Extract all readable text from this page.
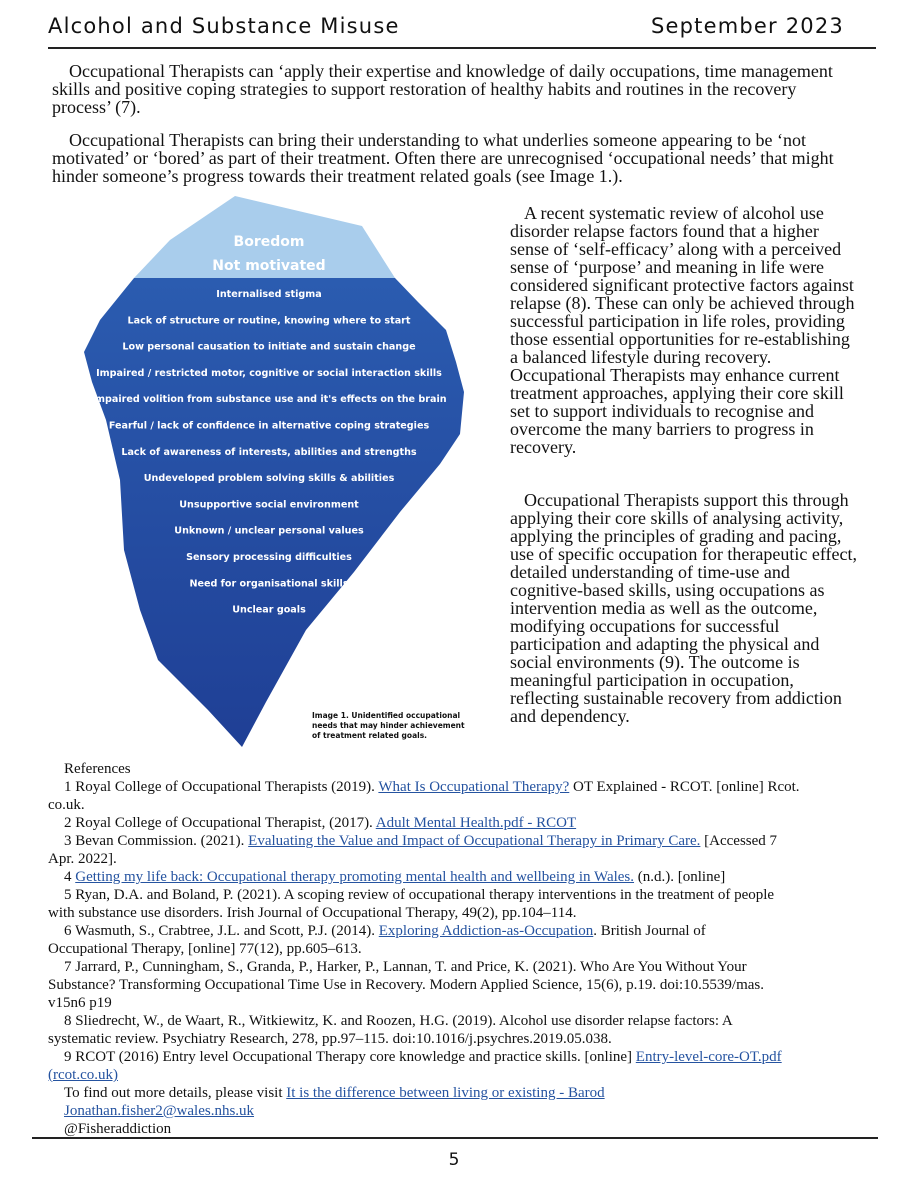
Alcohol and Substance Misuse	September 2023

Occupational Therapists can ‘apply their expertise and knowledge of daily occupations, time management skills and positive coping strategies to support restoration of healthy habits and routines in the recovery process’ (7).

Occupational Therapists can bring their understanding to what underlies someone appearing to be ‘not motivated’ or ‘bored’ as part of their treatment. Often there are unrecognised ‘occupational needs’ that might hinder someone’s progress towards their treatment related goals (see Image 1.).

Boredom
Not motivated
Internalised stigma
Lack of structure or routine, knowing where to start
Low personal causation to initiate and sustain change
Impaired / restricted motor, cognitive or social interaction skills
Impaired volition from substance use and it's effects on the brain
Fearful / lack of confidence in alternative coping strategies
Lack of awareness of interests, abilities and strengths
Undeveloped problem solving skills & abilities
Unsupportive social environment
Unknown / unclear personal values
Sensory processing difficulties
Need for organisational skills
Unclear goals
Image 1. Unidentified occupational
needs that may hinder achievement
of treatment related goals.

A recent systematic review of alcohol use disorder relapse factors found that a higher sense of ‘self-efficacy’ along with a perceived sense of ‘purpose’ and meaning in life were considered significant protective factors against relapse (8). These can only be achieved through successful participation in life roles, providing those essential opportunities for re-establishing a balanced lifestyle during recovery. Occupational Therapists may enhance current treatment approaches, applying their core skill set to support individuals to recognise and overcome the many barriers to progress in recovery.

Occupational Therapists support this through applying their core skills of analysing activity, applying the principles of grading and pacing, use of specific occupation for therapeutic effect, detailed understanding of time-use and cognitive-based skills, using occupations as intervention media as well as the outcome, modifying occupations for successful participation and adapting the physical and social environments (9). The outcome is meaningful participation in occupation, reflecting sustainable recovery from addiction and dependency.

References
1 Royal College of Occupational Therapists (2019). What Is Occupational Therapy? OT Explained - RCOT. [online] Rcot.
co.uk.
2 Royal College of Occupational Therapist, (2017). Adult Mental Health.pdf - RCOT
3 Bevan Commission. (2021). Evaluating the Value and Impact of Occupational Therapy in Primary Care. [Accessed 7
Apr. 2022].
4 Getting my life back: Occupational therapy promoting mental health and wellbeing in Wales. (n.d.). [online]
5 Ryan, D.A. and Boland, P. (2021). A scoping review of occupational therapy interventions in the treatment of people
with substance use disorders. Irish Journal of Occupational Therapy, 49(2), pp.104–114.
6 Wasmuth, S., Crabtree, J.L. and Scott, P.J. (2014). Exploring Addiction-as-Occupation. British Journal of
Occupational Therapy, [online] 77(12), pp.605–613.
7 Jarrard, P., Cunningham, S., Granda, P., Harker, P., Lannan, T. and Price, K. (2021). Who Are You Without Your
Substance? Transforming Occupational Time Use in Recovery. Modern Applied Science, 15(6), p.19. doi:10.5539/mas.
v15n6 p19
8 Sliedrecht, W., de Waart, R., Witkiewitz, K. and Roozen, H.G. (2019). Alcohol use disorder relapse factors: A
systematic review. Psychiatry Research, 278, pp.97–115. doi:10.1016/j.psychres.2019.05.038.
9 RCOT (2016) Entry level Occupational Therapy core knowledge and practice skills. [online] Entry-level-core-OT.pdf
(rcot.co.uk)
To find out more details, please visit It is the difference between living or existing - Barod
Jonathan.fisher2@wales.nhs.uk
@Fisheraddiction
5
